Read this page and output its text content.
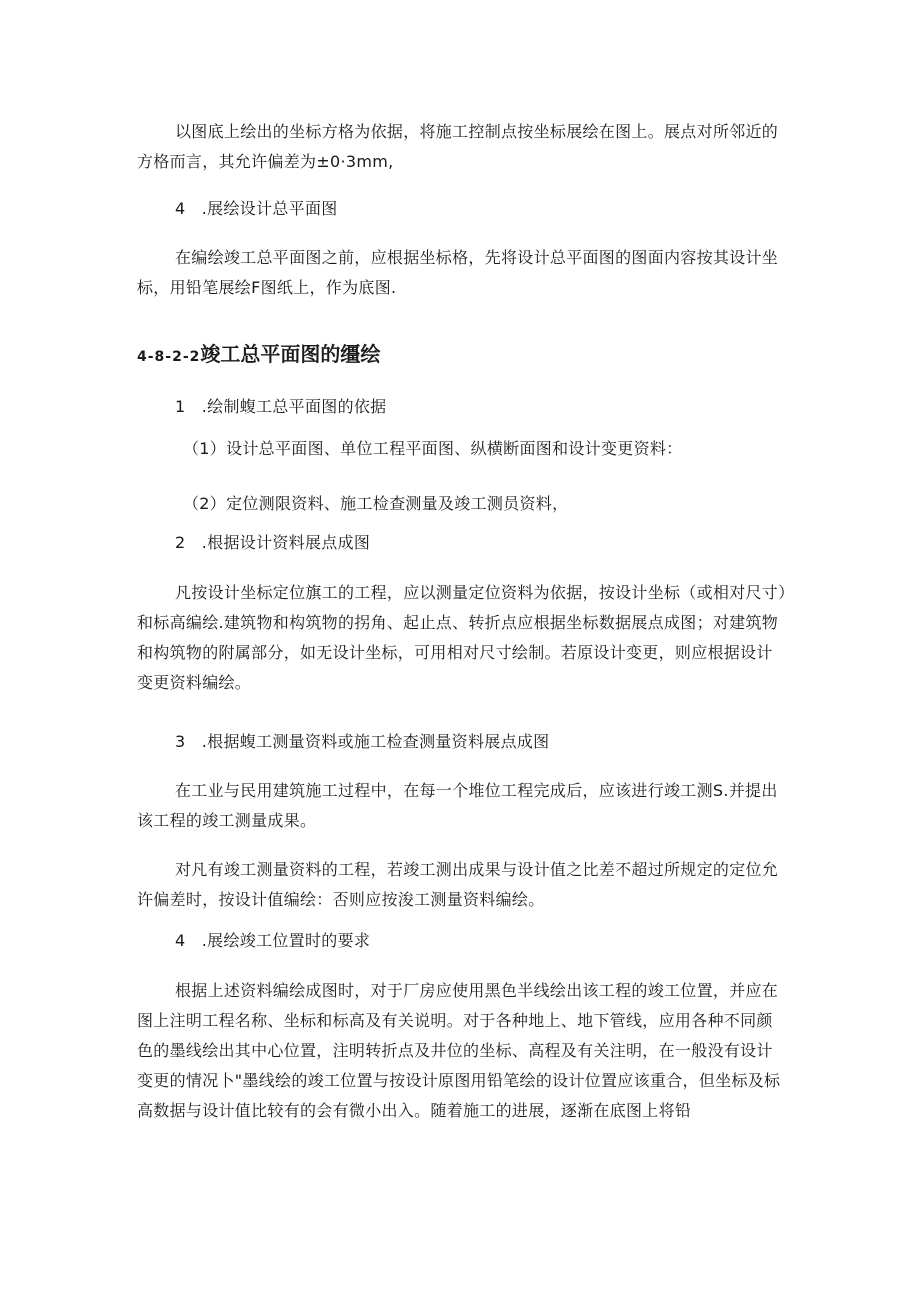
以图底上绘出的坐标方格为依据，将施工控制点按坐标展绘在图上。展点对所邻近的方格而言，其允许偏差为±0·3mm,

4　.展绘设计总平面图

在编绘竣工总平面图之前，应根据坐标格，先将设计总平面图的图面内容按其设计坐标，用铅笔展绘F图纸上，作为底图.

4-8-2-2竣工总平面图的缰绘

1　.绘制蝮工总平面图的依据

（1）设计总平面图、单位工程平面图、纵横断面图和设计变更资料：

（2）定位测限资料、施工检查测量及竣工测员资料，

2　.根据设计资料展点成图

凡按设计坐标定位旗工的工程，应以测量定位资料为依据，按设计坐标（或相对尺寸）和标高编绘.建筑物和构筑物的拐角、起止点、转折点应根据坐标数据展点成图；对建筑物和构筑物的附属部分，如无设计坐标，可用相对尺寸绘制。若原设计变更，则应根据设计变更资料编绘。

3　.根据蝮工测量资料或施工检查测量资料展点成图

在工业与民用建筑施工过程中，在每一个堆位工程完成后，应该进行竣工测S.并提出该工程的竣工测量成果。

对凡有竣工测量资料的工程，若竣工测出成果与设计值之比差不超过所规定的定位允许偏差时，按设计值编绘：否则应按浚工测量资料编绘。

4　.展绘竣工位置时的要求

根据上述资料编绘成图时，对于厂房应使用黑色半线绘出该工程的竣工位置，并应在图上注明工程名称、坐标和标高及有关说明。对于各种地上、地下管线，应用各种不同颜色的墨线绘出其中心位置，注明转折点及井位的坐标、高程及有关注明，在一般没有设计变更的情况卜"墨线绘的竣工位置与按设计原图用铅笔绘的设计位置应该重合，但坐标及标高数据与设计值比较有的会有微小出入。随着施工的进展，逐渐在底图上将铅
